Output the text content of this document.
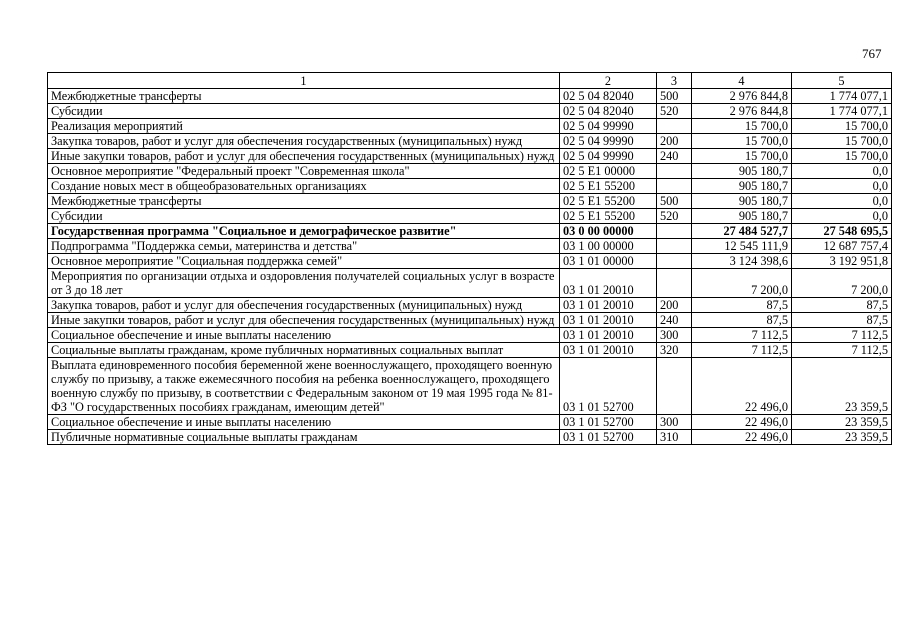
767
1	2	3	4	5
Межбюджетные трансферты	02 5 04 82040	500	2 976 844,8	1 774 077,1
Субсидии	02 5 04 82040	520	2 976 844,8	1 774 077,1
Реализация мероприятий	02 5 04 99990		15 700,0	15 700,0
Закупка товаров, работ и услуг для обеспечения государственных (муниципальных) нужд	02 5 04 99990	200	15 700,0	15 700,0
Иные закупки товаров, работ и услуг для обеспечения государственных (муниципальных) нужд	02 5 04 99990	240	15 700,0	15 700,0
Основное мероприятие "Федеральный проект "Современная школа"	02 5 E1 00000		905 180,7	0,0
Создание новых мест в общеобразовательных организациях	02 5 E1 55200		905 180,7	0,0
Межбюджетные трансферты	02 5 E1 55200	500	905 180,7	0,0
Субсидии	02 5 E1 55200	520	905 180,7	0,0
Государственная программа "Социальное и демографическое развитие"	03 0 00 00000		27 484 527,7	27 548 695,5
Подпрограмма "Поддержка семьи, материнства и детства"	03 1 00 00000		12 545 111,9	12 687 757,4
Основное мероприятие "Социальная поддержка семей"	03 1 01 00000		3 124 398,6	3 192 951,8
Мероприятия по организации отдыха и оздоровления получателей социальных услуг в возрасте от 3 до 18 лет	03 1 01 20010		7 200,0	7 200,0
Закупка товаров, работ и услуг для обеспечения государственных (муниципальных) нужд	03 1 01 20010	200	87,5	87,5
Иные закупки товаров, работ и услуг для обеспечения государственных (муниципальных) нужд	03 1 01 20010	240	87,5	87,5
Социальное обеспечение и иные выплаты населению	03 1 01 20010	300	7 112,5	7 112,5
Социальные выплаты гражданам, кроме публичных нормативных социальных выплат	03 1 01 20010	320	7 112,5	7 112,5
Выплата единовременного пособия беременной жене военнослужащего, проходящего военную службу по призыву, а также ежемесячного пособия на ребенка военнослужащего, проходящего военную службу по призыву, в соответствии с Федеральным законом от 19 мая 1995 года № 81-ФЗ "О государственных пособиях гражданам, имеющим детей"	03 1 01 52700		22 496,0	23 359,5
Социальное обеспечение и иные выплаты населению	03 1 01 52700	300	22 496,0	23 359,5
Публичные нормативные социальные выплаты гражданам	03 1 01 52700	310	22 496,0	23 359,5
